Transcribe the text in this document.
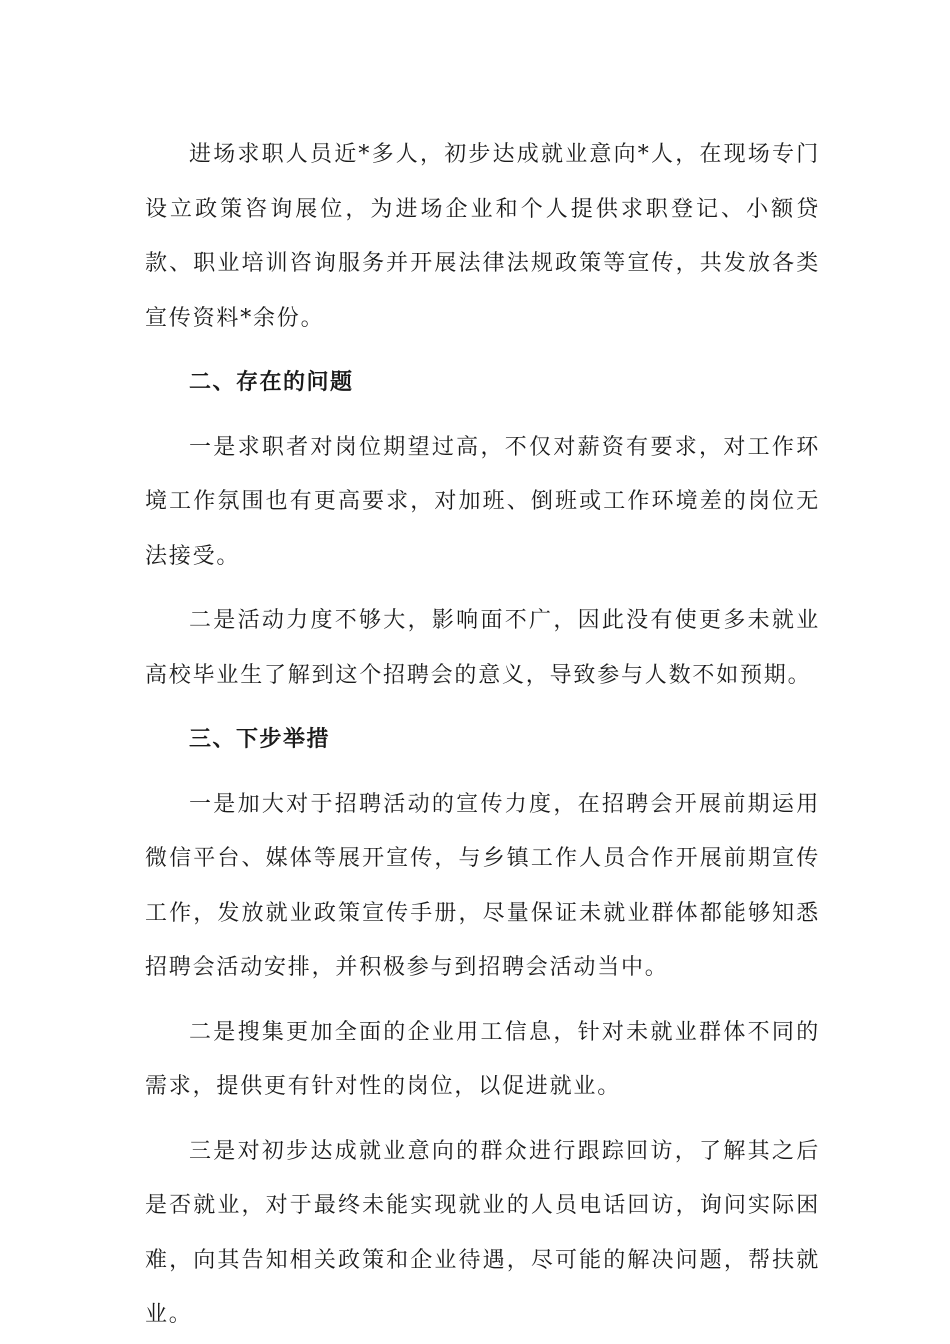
进场求职人员近*多人，初步达成就业意向*人，在现场专门设立政策咨询展位，为进场企业和个人提供求职登记、小额贷款、职业培训咨询服务并开展法律法规政策等宣传，共发放各类宣传资料*余份。

二、存在的问题

一是求职者对岗位期望过高，不仅对薪资有要求，对工作环境工作氛围也有更高要求，对加班、倒班或工作环境差的岗位无法接受。

二是活动力度不够大，影响面不广，因此没有使更多未就业高校毕业生了解到这个招聘会的意义，导致参与人数不如预期。

三、下步举措

一是加大对于招聘活动的宣传力度，在招聘会开展前期运用微信平台、媒体等展开宣传，与乡镇工作人员合作开展前期宣传工作，发放就业政策宣传手册，尽量保证未就业群体都能够知悉招聘会活动安排，并积极参与到招聘会活动当中。

二是搜集更加全面的企业用工信息，针对未就业群体不同的需求，提供更有针对性的岗位，以促进就业。

三是对初步达成就业意向的群众进行跟踪回访，了解其之后是否就业，对于最终未能实现就业的人员电话回访，询问实际困难，向其告知相关政策和企业待遇，尽可能的解决问题，帮扶就业。
